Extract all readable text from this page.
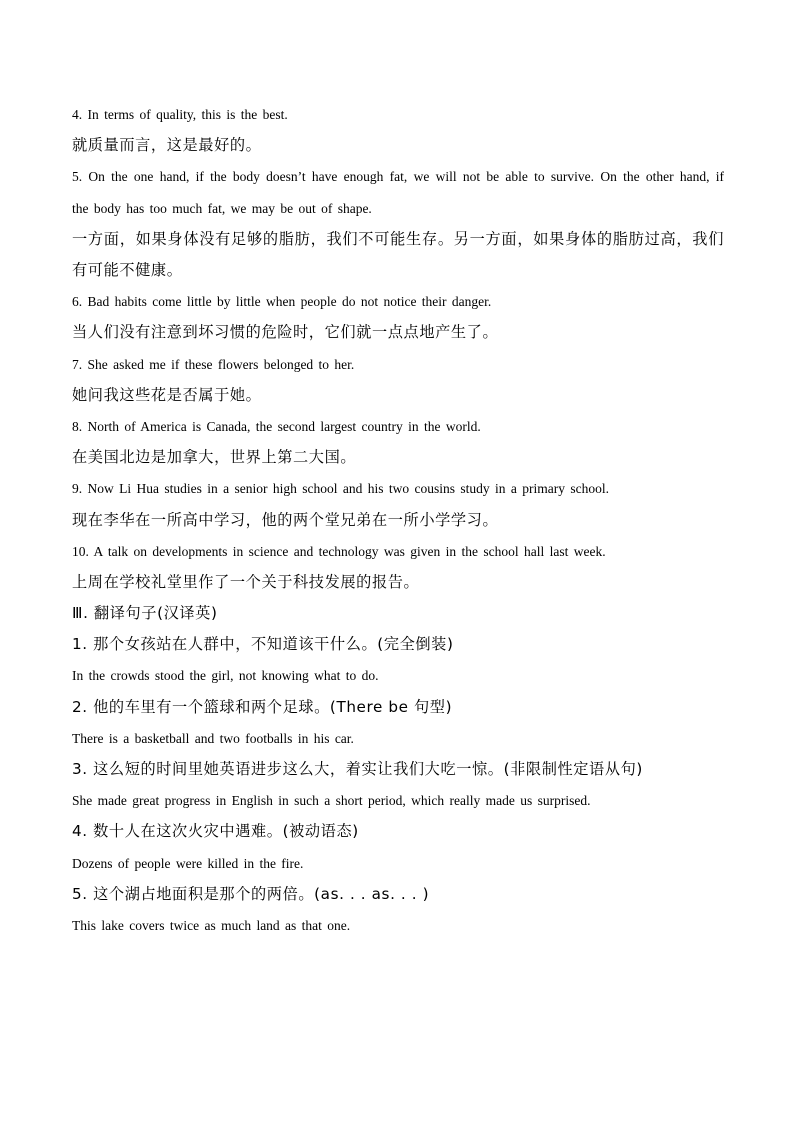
4. In terms of quality, this is the best.

就质量而言，这是最好的。

5. On the one hand, if the body doesn’t have enough fat, we will not be able to survive. On the other hand, if the body has too much fat, we may be out of shape.

一方面，如果身体没有足够的脂肪，我们不可能生存。另一方面，如果身体的脂肪过高，我们有可能不健康。

6. Bad habits come little by little when people do not notice their danger.

当人们没有注意到坏习惯的危险时，它们就一点点地产生了。

7. She asked me if these flowers belonged to her.

她问我这些花是否属于她。

8. North of America is Canada, the second largest country in the world.

在美国北边是加拿大，世界上第二大国。

9. Now Li Hua studies in a senior high school and his two cousins study in a primary school.

现在李华在一所高中学习，他的两个堂兄弟在一所小学学习。

10. A talk on developments in science and technology was given in the school hall last week.

上周在学校礼堂里作了一个关于科技发展的报告。

Ⅲ. 翻译句子(汉译英)

1. 那个女孩站在人群中，不知道该干什么。(完全倒装)

In the crowds stood the girl, not knowing what to do.

2. 他的车里有一个篮球和两个足球。(There be 句型)

There is a basketball and two footballs in his car.

3. 这么短的时间里她英语进步这么大，着实让我们大吃一惊。(非限制性定语从句)

She made great progress in English in such a short period, which really made us surprised.

4. 数十人在这次火灾中遇难。(被动语态)

Dozens of people were killed in the fire.

5. 这个湖占地面积是那个的两倍。(as. . . as. . . )

This lake covers twice as much land as that one.
